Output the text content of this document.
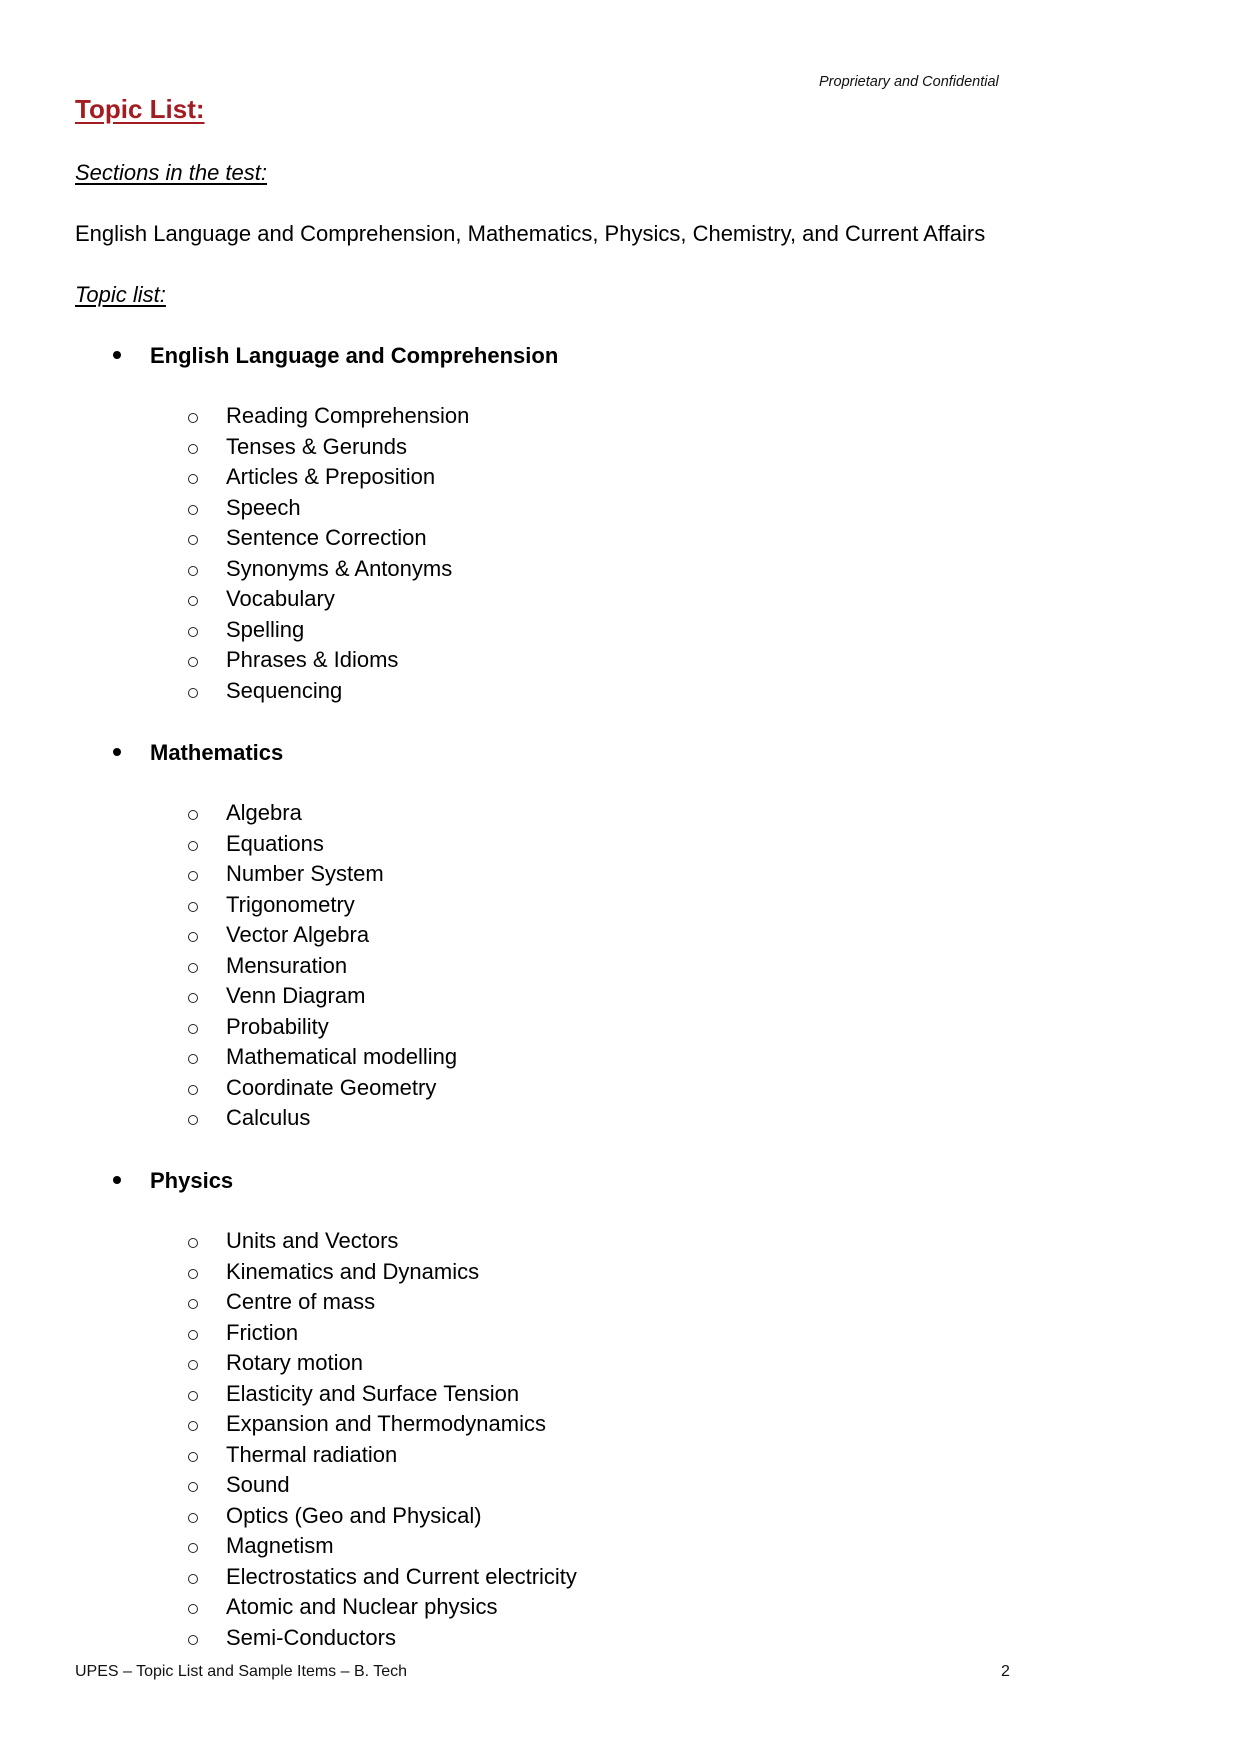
Proprietary and Confidential
Topic List:
Sections in the test:
English Language and Comprehension, Mathematics, Physics, Chemistry, and Current Affairs
Topic list:
English Language and Comprehension
Reading Comprehension
Tenses & Gerunds
Articles & Preposition
Speech
Sentence Correction
Synonyms & Antonyms
Vocabulary
Spelling
Phrases & Idioms
Sequencing
Mathematics
Algebra
Equations
Number System
Trigonometry
Vector Algebra
Mensuration
Venn Diagram
Probability
Mathematical modelling
Coordinate Geometry
Calculus
Physics
Units and Vectors
Kinematics and Dynamics
Centre of mass
Friction
Rotary motion
Elasticity and Surface Tension
Expansion and Thermodynamics
Thermal radiation
Sound
Optics (Geo and Physical)
Magnetism
Electrostatics and Current electricity
Atomic and Nuclear physics
Semi-Conductors
UPES – Topic List and Sample Items – B. Tech	2
